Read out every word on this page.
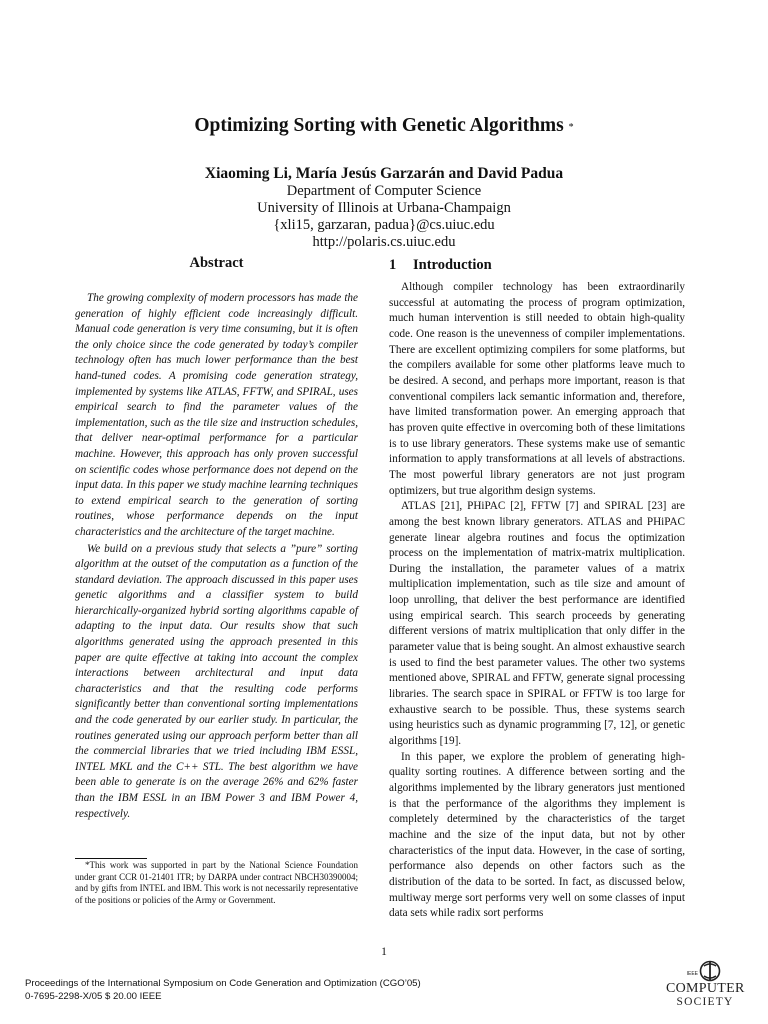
Optimizing Sorting with Genetic Algorithms *
Xiaoming Li, María Jesús Garzarán and David Padua
Department of Computer Science
University of Illinois at Urbana-Champaign
{xli15, garzaran, padua}@cs.uiuc.edu
http://polaris.cs.uiuc.edu
Abstract

The growing complexity of modern processors has made the generation of highly efficient code increasingly difficult. Manual code generation is very time consuming, but it is often the only choice since the code generated by today’s compiler technology often has much lower performance than the best hand-tuned codes. A promising code generation strategy, implemented by systems like ATLAS, FFTW, and SPIRAL, uses empirical search to find the parameter values of the implementation, such as the tile size and instruction schedules, that deliver near-optimal performance for a particular machine. However, this approach has only proven successful on scientific codes whose performance does not depend on the input data. In this paper we study machine learning techniques to extend empirical search to the generation of sorting routines, whose performance depends on the input characteristics and the architecture of the target machine.

We build on a previous study that selects a ”pure” sorting algorithm at the outset of the computation as a function of the standard deviation. The approach discussed in this paper uses genetic algorithms and a classifier system to build hierarchically-organized hybrid sorting algorithms capable of adapting to the input data. Our results show that such algorithms generated using the approach presented in this paper are quite effective at taking into account the complex interactions between architectural and input data characteristics and that the resulting code performs significantly better than conventional sorting implementations and the code generated by our earlier study. In particular, the routines generated using our approach perform better than all the commercial libraries that we tried including IBM ESSL, INTEL MKL and the C++ STL. The best algorithm we have been able to generate is on the average 26% and 62% faster than the IBM ESSL in an IBM Power 3 and IBM Power 4, respectively.

*This work was supported in part by the National Science Foundation under grant CCR 01-21401 ITR; by DARPA under contract NBCH30390004; and by gifts from INTEL and IBM. This work is not necessarily representative of the positions or policies of the Army or Government.
1 Introduction

Although compiler technology has been extraordinarily successful at automating the process of program optimization, much human intervention is still needed to obtain high-quality code. One reason is the unevenness of compiler implementations. There are excellent optimizing compilers for some platforms, but the compilers available for some other platforms leave much to be desired. A second, and perhaps more important, reason is that conventional compilers lack semantic information and, therefore, have limited transformation power. An emerging approach that has proven quite effective in overcoming both of these limitations is to use library generators. These systems make use of semantic information to apply transformations at all levels of abstractions. The most powerful library generators are not just program optimizers, but true algorithm design systems.

ATLAS [21], PHiPAC [2], FFTW [7] and SPIRAL [23] are among the best known library generators. ATLAS and PHiPAC generate linear algebra routines and focus the optimization process on the implementation of matrix-matrix multiplication. During the installation, the parameter values of a matrix multiplication implementation, such as tile size and amount of loop unrolling, that deliver the best performance are identified using empirical search. This search proceeds by generating different versions of matrix multiplication that only differ in the parameter value that is being sought. An almost exhaustive search is used to find the best parameter values. The other two systems mentioned above, SPIRAL and FFTW, generate signal processing libraries. The search space in SPIRAL or FFTW is too large for exhaustive search to be possible. Thus, these systems search using heuristics such as dynamic programming [7, 12], or genetic algorithms [19].

In this paper, we explore the problem of generating high-quality sorting routines. A difference between sorting and the algorithms implemented by the library generators just mentioned is that the performance of the algorithms they implement is completely determined by the characteristics of the target machine and the size of the input data, but not by other characteristics of the input data. However, in the case of sorting, performance also depends on other factors such as the distribution of the data to be sorted. In fact, as discussed below, multiway merge sort performs very well on some classes of input data sets while radix sort performs

1
Proceedings of the International Symposium on Code Generation and Optimization (CGO’05)
0-7695-2298-X/05 $ 20.00 IEEE
IEEE
COMPUTER
SOCIETY
